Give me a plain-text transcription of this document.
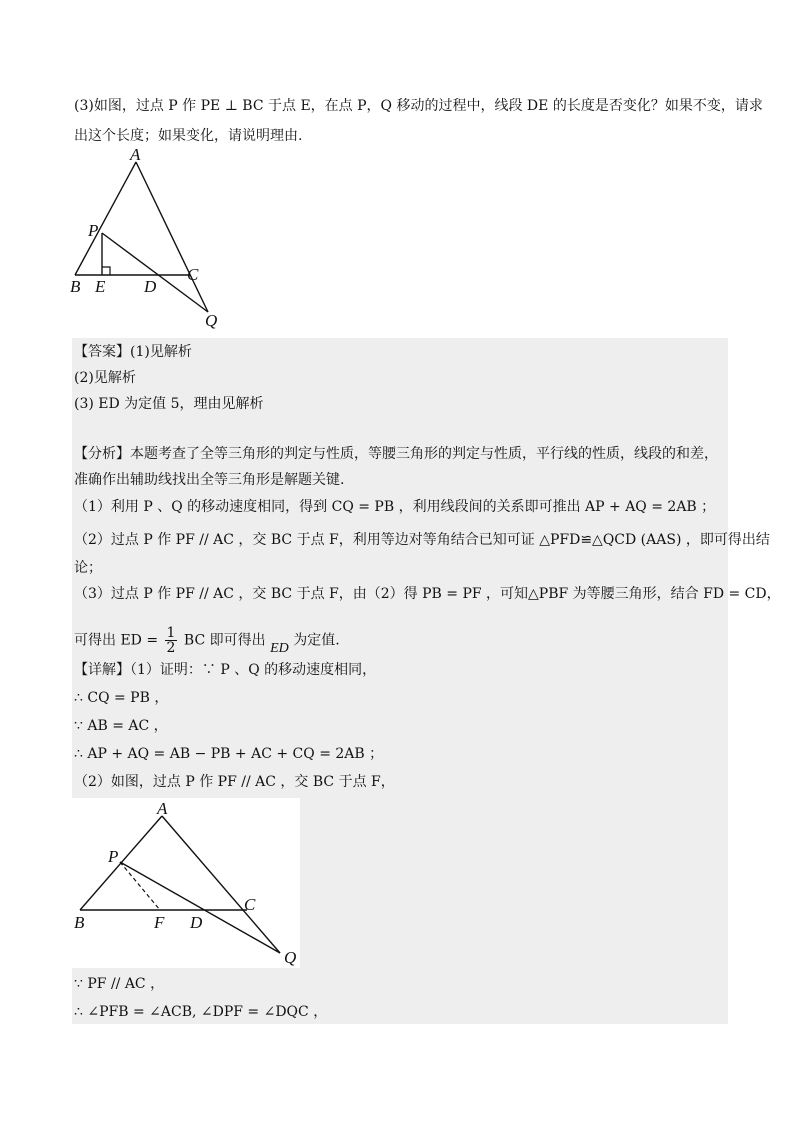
(3)如图，过点 P 作 PE ⊥ BC 于点 E，在点 P，Q 移动的过程中，线段 DE 的长度是否变化？如果不变，请求
出这个长度；如果变化，请说明理由.
A
P
B E D
C
Q
【答案】(1)见解析
(2)见解析
(3) ED 为定值 5，理由见解析
【分析】本题考查了全等三角形的判定与性质，等腰三角形的判定与性质，平行线的性质，线段的和差，
准确作出辅助线找出全等三角形是解题关键.
（1）利用 P 、Q 的移动速度相同，得到 CQ = PB ，利用线段间的关系即可推出 AP + AQ = 2AB ；
（2）过点 P 作 PF // AC ，交 BC 于点 F，利用等边对等角结合已知可证 △PFD≌△QCD (AAS) ，即可得出结
论；
（3）过点 P 作 PF // AC ，交 BC 于点 F，由（2）得 PB = PF ，可知△PBF 为等腰三角形，结合 FD = CD，
可得出 ED = $\frac{1}{2}$ BC 即可得出 ED 为定值.
【详解】（1）证明：∵ P 、Q 的移动速度相同，
∴ CQ = PB ，
∵ AB = AC ，
∴ AP + AQ = AB − PB + AC + CQ = 2AB ；
（2）如图，过点 P 作 PF // AC ，交 BC 于点 F，
A
P
B	F D
C
Q
∵ PF // AC ，
∴ ∠PFB = ∠ACB, ∠DPF = ∠DQC ，
